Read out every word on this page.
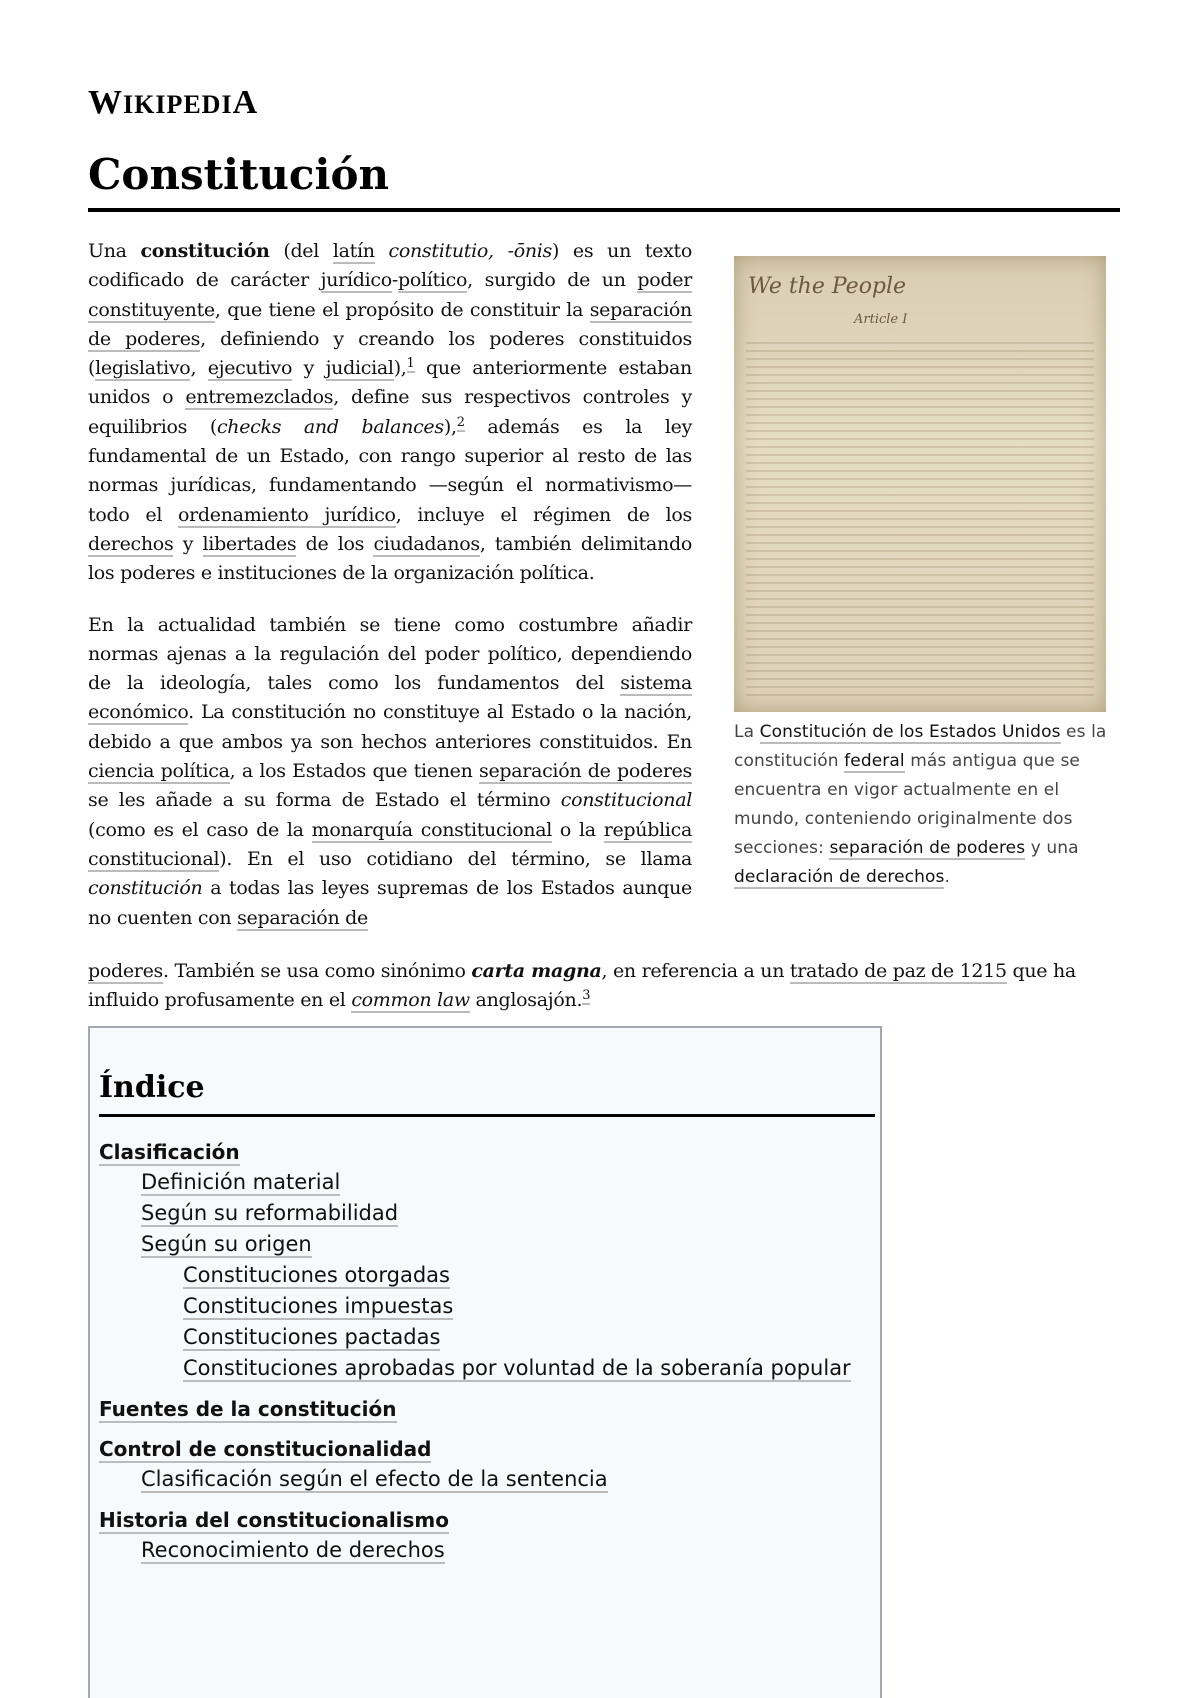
WIKIPEDIA
Constitución

Una constitución (del latín constitutio, -ōnis) es un texto codificado de carácter jurídico-político, surgido de un poder constituyente, que tiene el propósito de constituir la separación de poderes, definiendo y creando los poderes constituidos (legislativo, ejecutivo y judicial),$^1$ que anteriormente estaban unidos o entremezclados, define sus respectivos controles y equilibrios (checks and balances),$^2$ además es la ley fundamental de un Estado, con rango superior al resto de las normas jurídicas, fundamentando —según el normativismo— todo el ordenamiento jurídico, incluye el régimen de los derechos y libertades de los ciudadanos, también delimitando los poderes e instituciones de la organización política.

En la actualidad también se tiene como costumbre añadir normas ajenas a la regulación del poder político, dependiendo de la ideología, tales como los fundamentos del sistema económico. La constitución no constituye al Estado o la nación, debido a que ambos ya son hechos anteriores constituidos. En ciencia política, a los Estados que tienen separación de poderes se les añade a su forma de Estado el término constitucional (como es el caso de la monarquía constitucional o la república constitucional). En el uso cotidiano del término, se llama constitución a todas las leyes supremas de los Estados aunque no cuenten con separación de

poderes. También se usa como sinónimo carta magna, en referencia a un tratado de paz de 1215 que ha
influido profusamente en el common law anglosajón.$^3$
We the People
Article I
La Constitución de los Estados Unidos es la constitución federal más antigua que se encuentra en vigor actualmente en el mundo, conteniendo originalmente dos secciones: separación de poderes y una declaración de derechos.
Índice
Clasificación
Definición material
Según su reformabilidad
Según su origen
Constituciones otorgadas
Constituciones impuestas
Constituciones pactadas
Constituciones aprobadas por voluntad de la soberanía popular
Fuentes de la constitución
Control de constitucionalidad
Clasificación según el efecto de la sentencia
Historia del constitucionalismo
Reconocimiento de derechos
